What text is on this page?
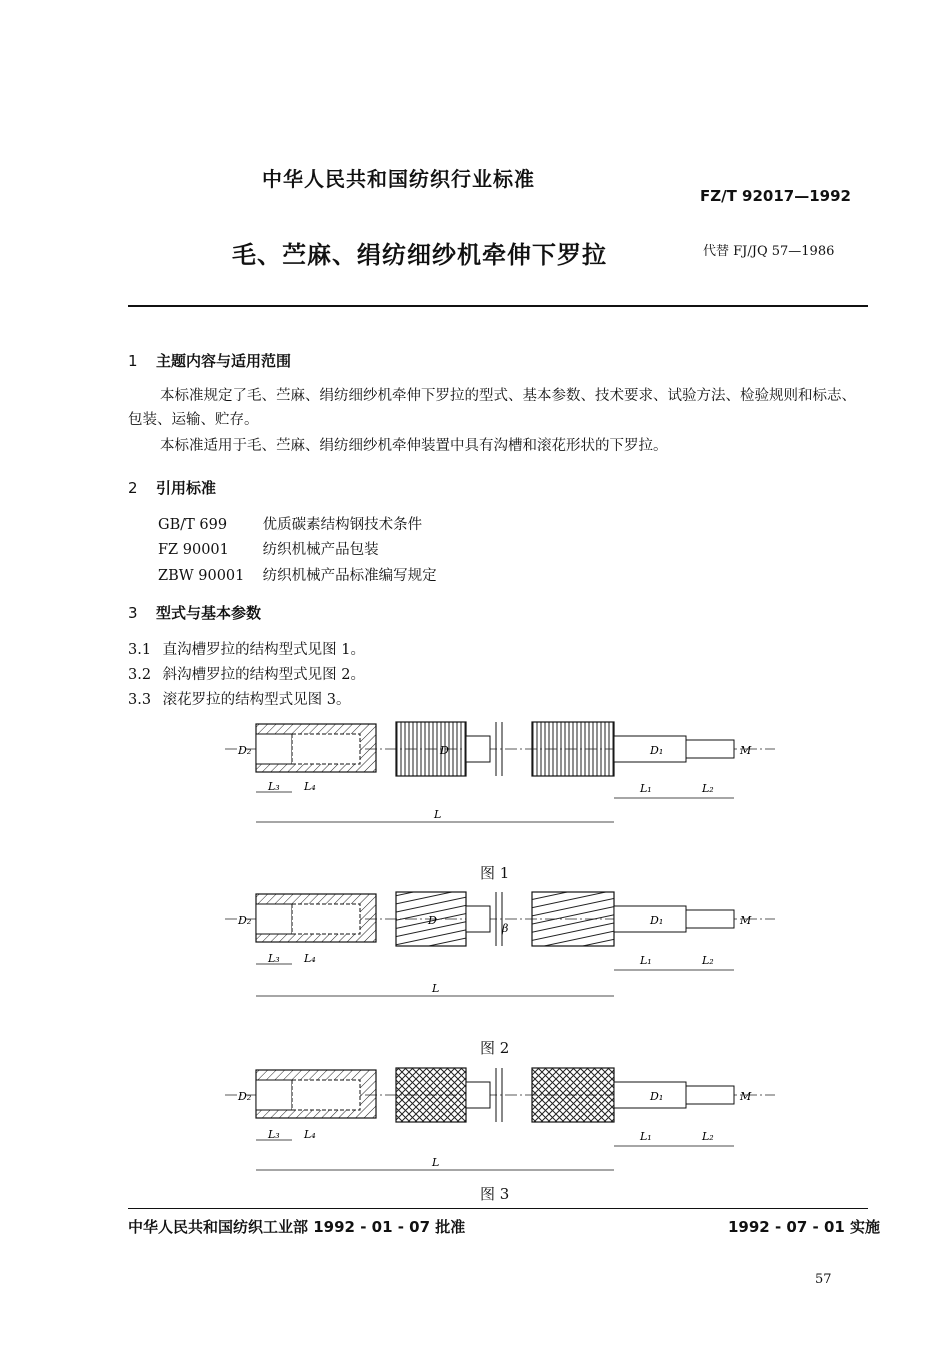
中华人民共和国纺织行业标准
FZ/T 92017—1992
毛、苎麻、绢纺细纱机牵伸下罗拉	代替 FJ/JQ 57—1986
1 主题内容与适用范围
本标准规定了毛、苎麻、绢纺细纱机牵伸下罗拉的型式、基本参数、技术要求、试验方法、检验规则和标志、包装、运输、贮存。
本标准适用于毛、苎麻、绢纺细纱机牵伸装置中具有沟槽和滚花形状的下罗拉。
2 引用标准
GB/T 699 优质碳素结构钢技术条件
FZ 90001 纺织机械产品包装
ZBW 90001 纺织机械产品标准编写规定
3 型式与基本参数
3.1 直沟槽罗拉的结构型式见图 1。
3.2 斜沟槽罗拉的结构型式见图 2。
3.3 滚花罗拉的结构型式见图 3。
D₂	D	D₁	M
L₃ L₄	L₁	L₂
L
图 1
D₂	D
β
D₁	M
L₃ L₄	L₁	L₂
L
图 2
D₂	D₁	M
L₃ L₄	L₁	L₂
L
图 3
中华人民共和国纺织工业部 1992 - 01 - 07 批准	1992 - 07 - 01 实施
57
